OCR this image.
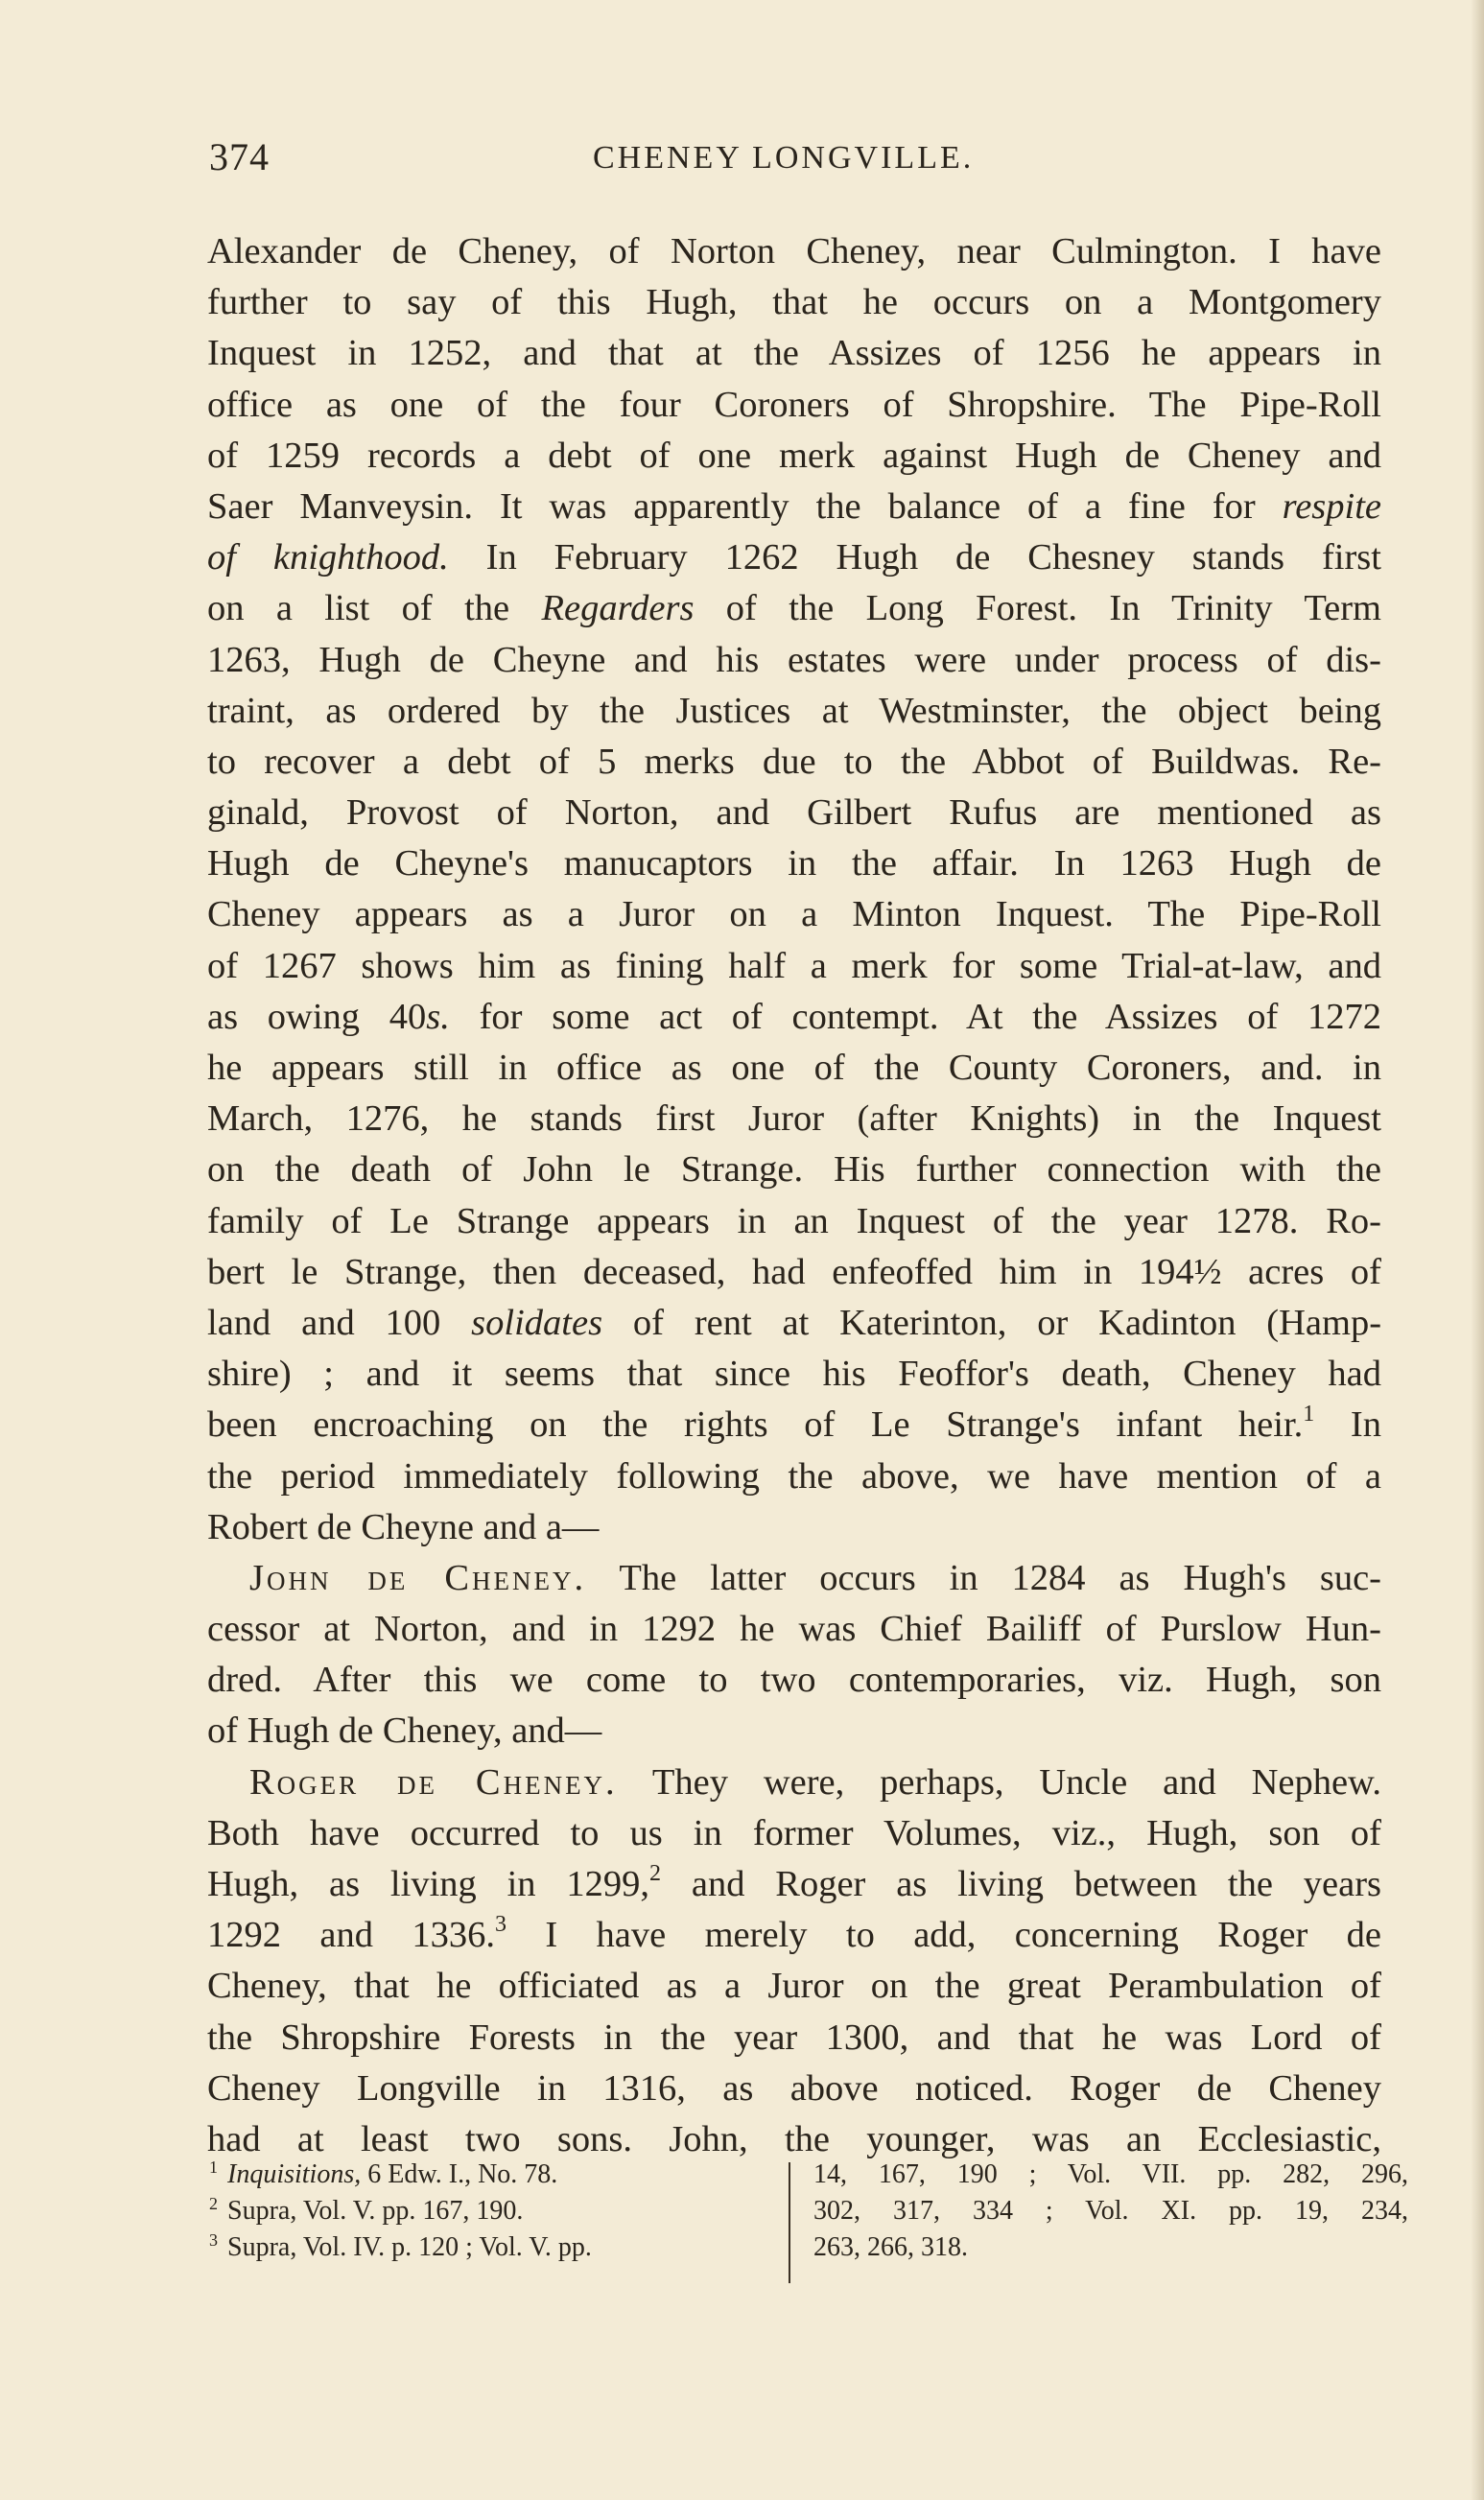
374	CHENEY LONGVILLE.
Alexander de Cheney, of Norton Cheney, near Culmington. I have
further to say of this Hugh, that he occurs on a Montgomery
Inquest in 1252, and that at the Assizes of 1256 he appears in
office as one of the four Coroners of Shropshire. The Pipe-Roll
of 1259 records a debt of one merk against Hugh de Cheney and
Saer Manveysin. It was apparently the balance of a fine for respite
of knighthood. In February 1262 Hugh de Chesney stands first
on a list of the Regarders of the Long Forest. In Trinity Term
1263, Hugh de Cheyne and his estates were under process of dis-
traint, as ordered by the Justices at Westminster, the object being
to recover a debt of 5 merks due to the Abbot of Buildwas. Re-
ginald, Provost of Norton, and Gilbert Rufus are mentioned as
Hugh de Cheyne's manucaptors in the affair. In 1263 Hugh de
Cheney appears as a Juror on a Minton Inquest. The Pipe-Roll
of 1267 shows him as fining half a merk for some Trial-at-law, and
as owing 40s. for some act of contempt. At the Assizes of 1272
he appears still in office as one of the County Coroners, and. in
March, 1276, he stands first Juror (after Knights) in the Inquest
on the death of John le Strange. His further connection with the
family of Le Strange appears in an Inquest of the year 1278. Ro-
bert le Strange, then deceased, had enfeoffed him in 194½ acres of
land and 100 solidates of rent at Katerinton, or Kadinton (Hamp-
shire) ; and it seems that since his Feoffor's death, Cheney had
been encroaching on the rights of Le Strange's infant heir.$^1$ In
the period immediately following the above, we have mention of a
Robert de Cheyne and a—
John de Cheney. The latter occurs in 1284 as Hugh's suc-
cessor at Norton, and in 1292 he was Chief Bailiff of Purslow Hun-
dred. After this we come to two contemporaries, viz. Hugh, son
of Hugh de Cheney, and—
Roger de Cheney. They were, perhaps, Uncle and Nephew.
Both have occurred to us in former Volumes, viz., Hugh, son of
Hugh, as living in 1299,$^2$ and Roger as living between the years
1292 and 1336.$^3$ I have merely to add, concerning Roger de
Cheney, that he officiated as a Juror on the great Perambulation of
the Shropshire Forests in the year 1300, and that he was Lord of
Cheney Longville in 1316, as above noticed. Roger de Cheney
had at least two sons. John, the younger, was an Ecclesiastic,
$^1$ Inquisitions, 6 Edw. I., No. 78.
$^2$ Supra, Vol. V. pp. 167, 190.
$^3$ Supra, Vol. IV. p. 120 ; Vol. V. pp.
14, 167, 190 ; Vol. VII. pp. 282, 296,
302, 317, 334 ; Vol. XI. pp. 19, 234,
263, 266, 318.
